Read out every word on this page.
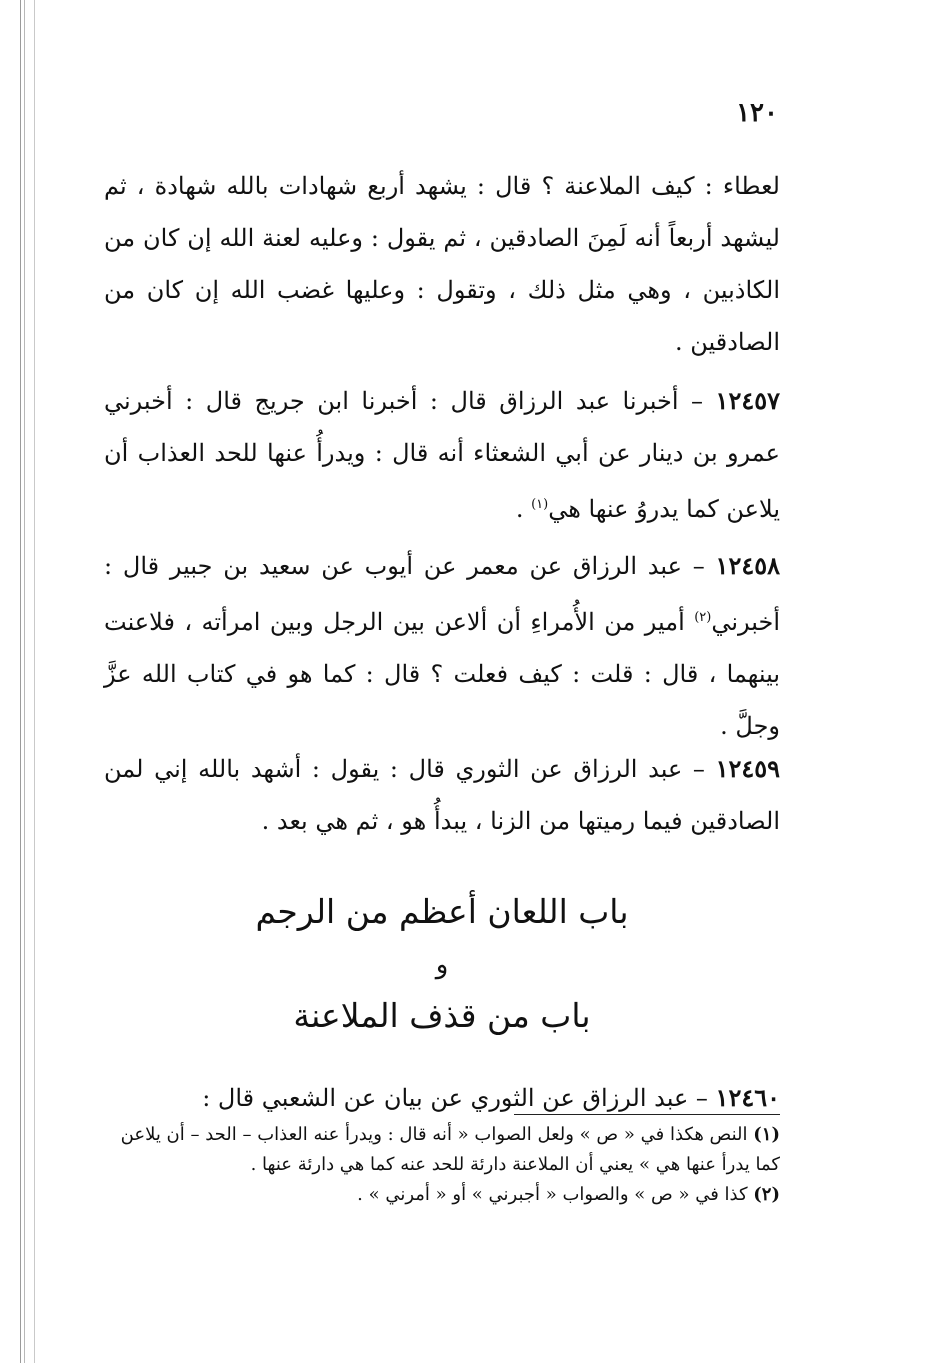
١٢٠

لعطاء : كيف الملاعنة ؟ قال : يشهد أربع شهادات بالله شهادة ، ثم ليشهد أربعاً أنه لَمِنَ الصادقين ، ثم يقول : وعليه لعنة الله إن كان من الكاذبين ، وهي مثل ذلك ، وتقول : وعليها غضب الله إن كان من الصادقين .

١٢٤٥٧ – أخبرنا عبد الرزاق قال : أخبرنا ابن جريج قال : أخبرني عمرو بن دينار عن أبي الشعثاء أنه قال : ويدرأُ عنها للحد العذاب أن يلاعن كما يدروُ عنها هي$^{(١)}$ .

١٢٤٥٨ – عبد الرزاق عن معمر عن أيوب عن سعيد بن جبير قال : أخبرني$^{(٢)}$ أمير من الأُمراءِ أن ألاعن بين الرجل وبين امرأته ، فلاعنت بينهما ، قال : قلت : كيف فعلت ؟ قال : كما هو في كتاب الله عزَّ وجلَّ .

١٢٤٥٩ – عبد الرزاق عن الثوري قال : يقول : أشهد بالله إني لمن الصادقين فيما رميتها من الزنا ، يبدأُ هو ، ثم هي بعد .

باب اللعان أعظم من الرجم
و
باب من قذف الملاعنة

١٢٤٦٠ – عبد الرزاق عن الثوري عن بيان عن الشعبي قال :

(١) النص هكذا في « ص » ولعل الصواب « أنه قال : ويدرأ عنه العذاب – الحد – أن يلاعن كما يدرأ عنها هي » يعني أن الملاعنة دارئة للحد عنه كما هي دارئة عنها .

(٢) كذا في « ص » والصواب « أجبرني » أو « أمرني » .
